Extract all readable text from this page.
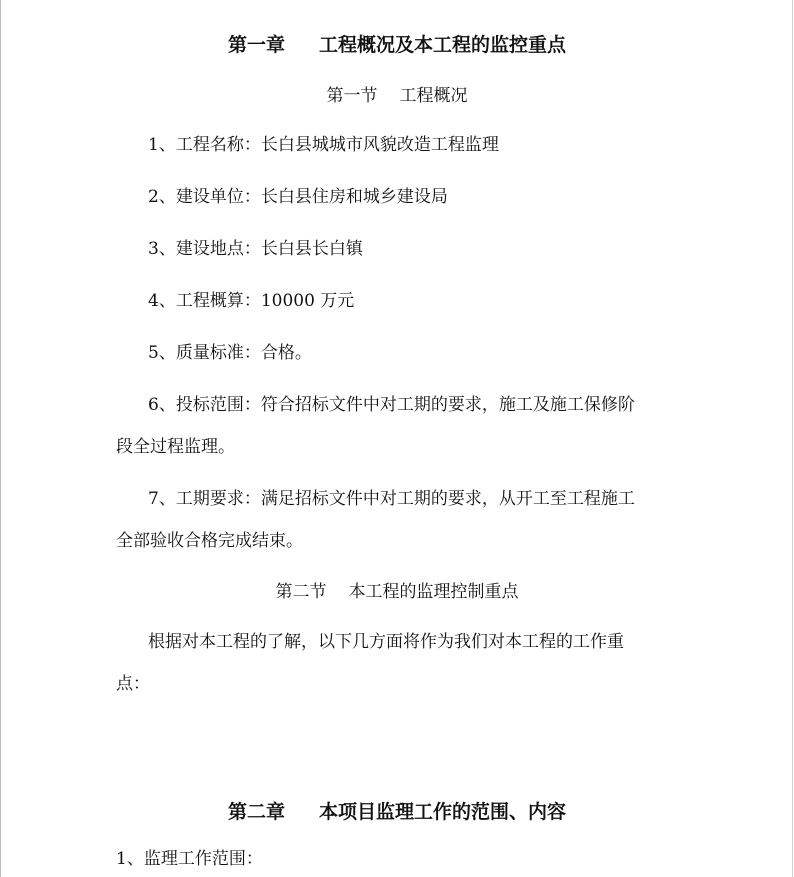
第一章 工程概况及本工程的监控重点
第一节 工程概况
1、工程名称：长白县城城市风貌改造工程监理
2、建设单位：长白县住房和城乡建设局
3、建设地点：长白县长白镇
4、工程概算：10000 万元
5、质量标准：合格。
6、投标范围：符合招标文件中对工期的要求，施工及施工保修阶
段全过程监理。
7、工期要求：满足招标文件中对工期的要求，从开工至工程施工
全部验收合格完成结束。
第二节 本工程的监理控制重点
根据对本工程的了解，以下几方面将作为我们对本工程的工作重
点：
第二章 本项目监理工作的范围、内容
1、监理工作范围：
